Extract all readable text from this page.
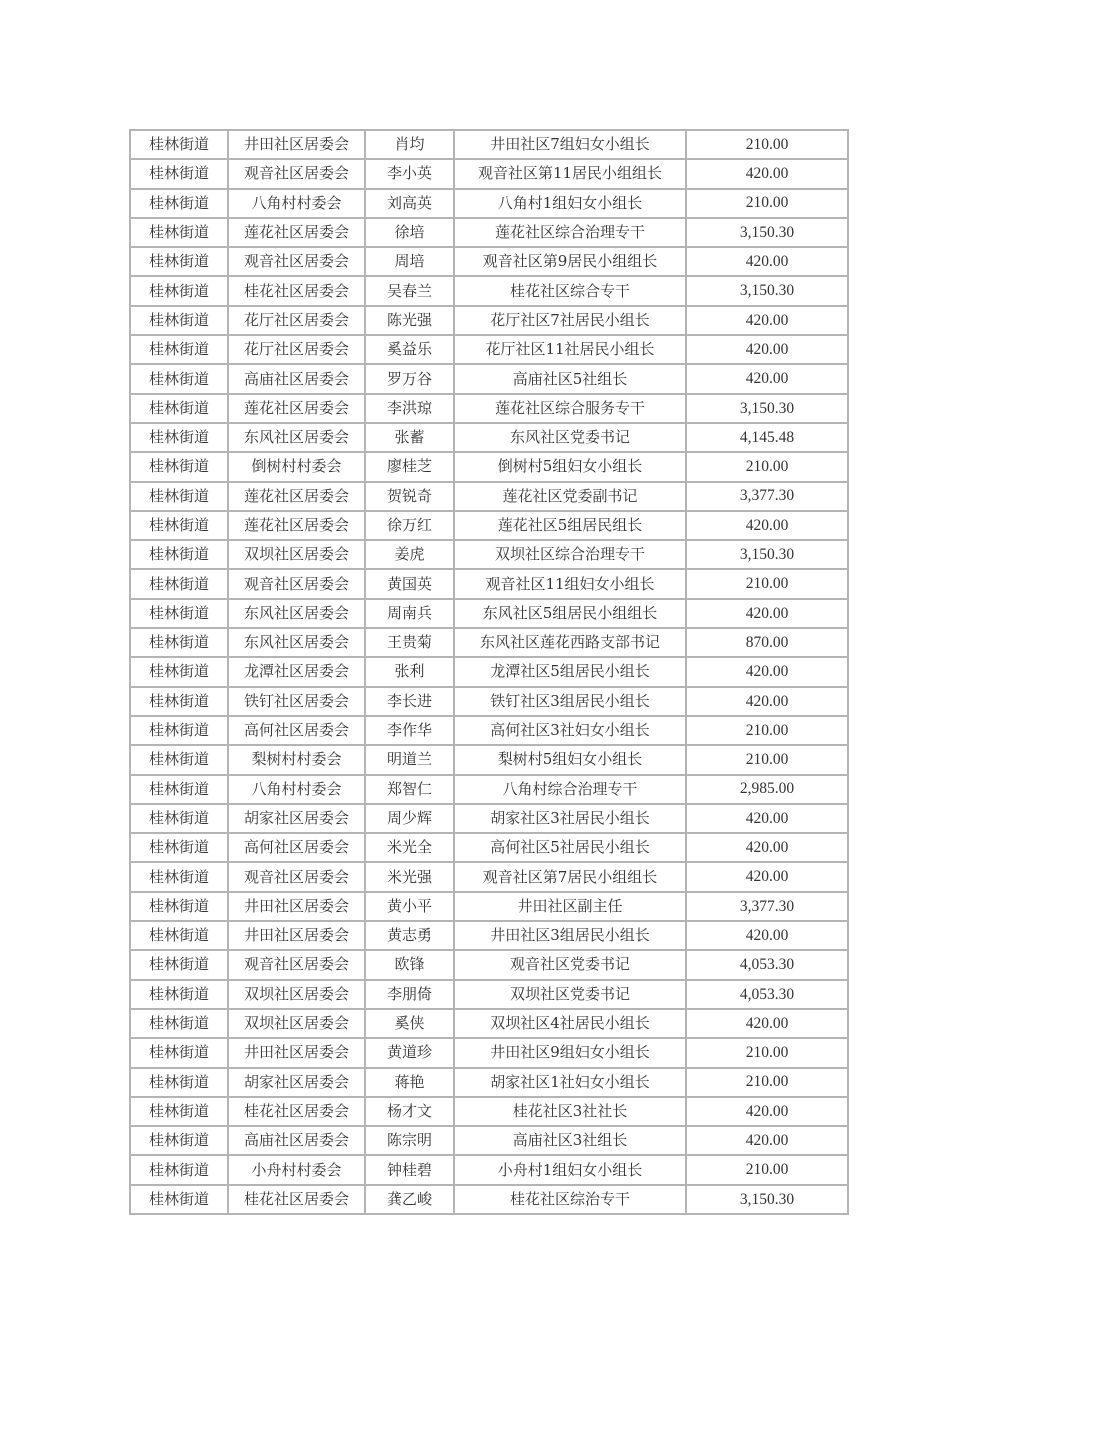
桂林街道	井田社区居委会	肖均	井田社区7组妇女小组长	210.00
桂林街道	观音社区居委会	李小英	观音社区第11居民小组组长	420.00
桂林街道	八角村村委会	刘高英	八角村1组妇女小组长	210.00
桂林街道	莲花社区居委会	徐培	莲花社区综合治理专干	3,150.30
桂林街道	观音社区居委会	周培	观音社区第9居民小组组长	420.00
桂林街道	桂花社区居委会	吴春兰	桂花社区综合专干	3,150.30
桂林街道	花厅社区居委会	陈光强	花厅社区7社居民小组长	420.00
桂林街道	花厅社区居委会	奚益乐	花厅社区11社居民小组长	420.00
桂林街道	高庙社区居委会	罗万谷	高庙社区5社组长	420.00
桂林街道	莲花社区居委会	李洪琼	莲花社区综合服务专干	3,150.30
桂林街道	东风社区居委会	张蓄	东风社区党委书记	4,145.48
桂林街道	倒树村村委会	廖桂芝	倒树村5组妇女小组长	210.00
桂林街道	莲花社区居委会	贺锐奇	莲花社区党委副书记	3,377.30
桂林街道	莲花社区居委会	徐万红	莲花社区5组居民组长	420.00
桂林街道	双坝社区居委会	姜虎	双坝社区综合治理专干	3,150.30
桂林街道	观音社区居委会	黄国英	观音社区11组妇女小组长	210.00
桂林街道	东风社区居委会	周南兵	东风社区5组居民小组组长	420.00
桂林街道	东风社区居委会	王贵菊	东风社区莲花西路支部书记	870.00
桂林街道	龙潭社区居委会	张利	龙潭社区5组居民小组长	420.00
桂林街道	铁钉社区居委会	李长进	铁钉社区3组居民小组长	420.00
桂林街道	高何社区居委会	李作华	高何社区3社妇女小组长	210.00
桂林街道	梨树村村委会	明道兰	梨树村5组妇女小组长	210.00
桂林街道	八角村村委会	郑智仁	八角村综合治理专干	2,985.00
桂林街道	胡家社区居委会	周少辉	胡家社区3社居民小组长	420.00
桂林街道	高何社区居委会	米光全	高何社区5社居民小组长	420.00
桂林街道	观音社区居委会	米光强	观音社区第7居民小组组长	420.00
桂林街道	井田社区居委会	黄小平	井田社区副主任	3,377.30
桂林街道	井田社区居委会	黄志勇	井田社区3组居民小组长	420.00
桂林街道	观音社区居委会	欧锋	观音社区党委书记	4,053.30
桂林街道	双坝社区居委会	李朋倚	双坝社区党委书记	4,053.30
桂林街道	双坝社区居委会	奚侠	双坝社区4社居民小组长	420.00
桂林街道	井田社区居委会	黄道珍	井田社区9组妇女小组长	210.00
桂林街道	胡家社区居委会	蒋艳	胡家社区1社妇女小组长	210.00
桂林街道	桂花社区居委会	杨才文	桂花社区3社社长	420.00
桂林街道	高庙社区居委会	陈宗明	高庙社区3社组长	420.00
桂林街道	小舟村村委会	钟桂碧	小舟村1组妇女小组长	210.00
桂林街道	桂花社区居委会	龚乙峻	桂花社区综治专干	3,150.30
